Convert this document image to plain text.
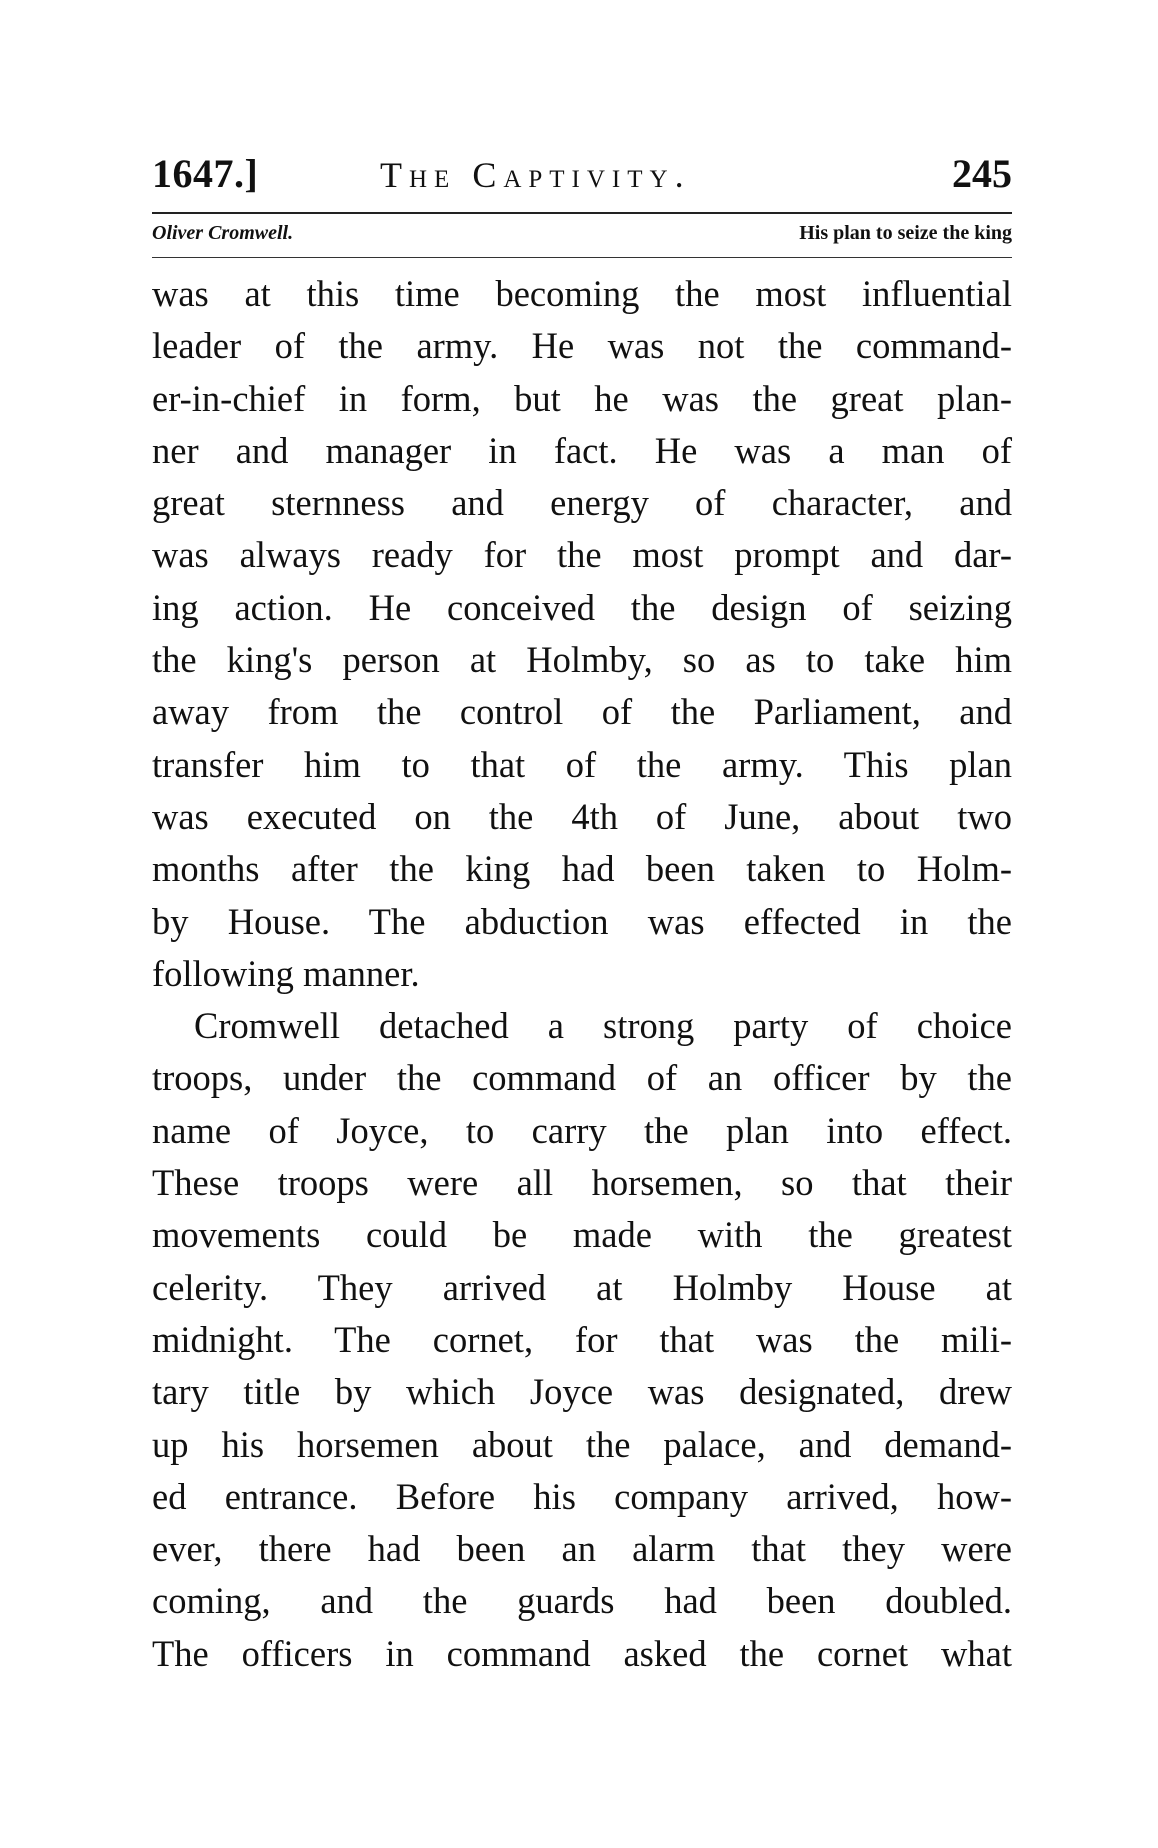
1647.]	The Captivity.	245
Oliver Cromwell.	His plan to seize the king
was at this time becoming the most influential
leader of the army. He was not the command-
er-in-chief in form, but he was the great plan-
ner and manager in fact. He was a man of
great sternness and energy of character, and
was always ready for the most prompt and dar-
ing action. He conceived the design of seizing
the king's person at Holmby, so as to take him
away from the control of the Parliament, and
transfer him to that of the army. This plan
was executed on the 4th of June, about two
months after the king had been taken to Holm-
by House. The abduction was effected in the
following manner.
Cromwell detached a strong party of choice
troops, under the command of an officer by the
name of Joyce, to carry the plan into effect.
These troops were all horsemen, so that their
movements could be made with the greatest
celerity. They arrived at Holmby House at
midnight. The cornet, for that was the mili-
tary title by which Joyce was designated, drew
up his horsemen about the palace, and demand-
ed entrance. Before his company arrived, how-
ever, there had been an alarm that they were
coming, and the guards had been doubled.
The officers in command asked the cornet what
